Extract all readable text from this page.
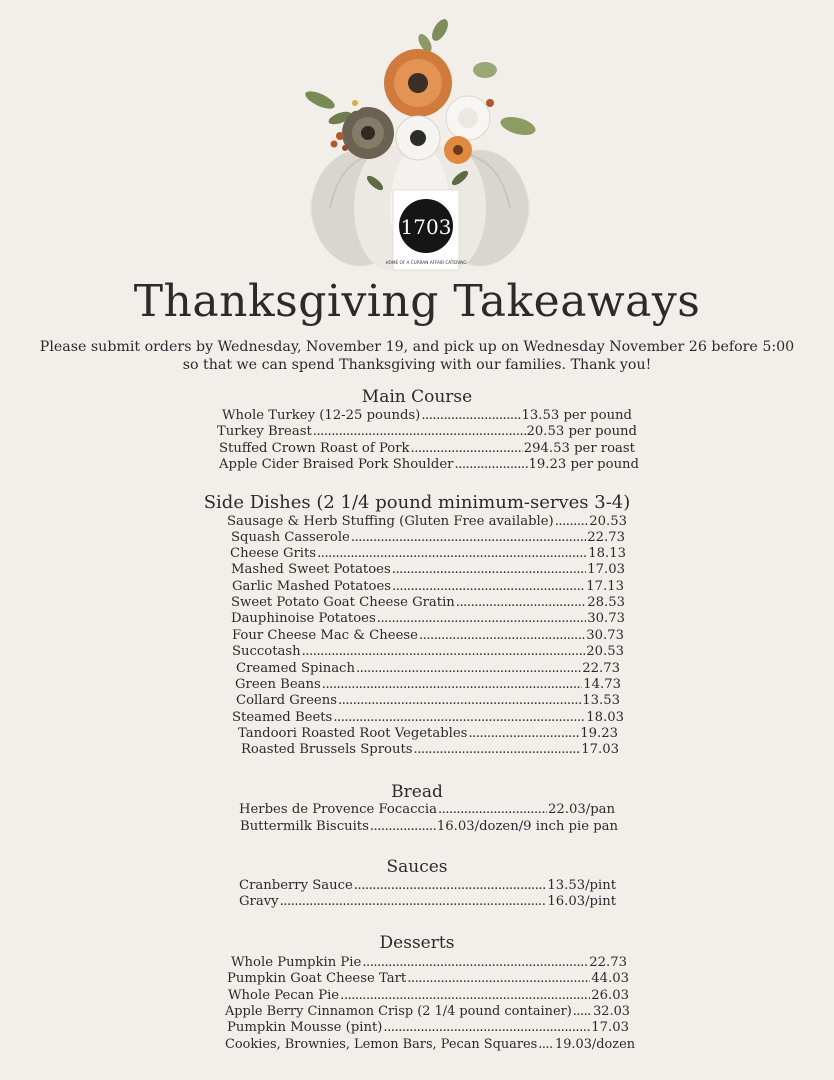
1703
HOME OF A CURRAN AFFAIR CATERING
Thanksgiving Takeaways
Please submit orders by Wednesday, November 19, and pick up on Wednesday November 26 before 5:00
so that we can spend Thanksgiving with our families. Thank you!
Main Course
Whole Turkey (12-25 pounds) .....	13.53 per pound
Turkey Breast .....	20.53 per pound
Stuffed Crown Roast of Pork .....	294.53 per roast
Apple Cider Braised Pork Shoulder .....	19.23 per pound
Side Dishes (2 1/4 pound minimum-serves 3-4)
Sausage & Herb Stuffing (Gluten Free available) .....	20.53
Squash Casserole .....	22.73
Cheese Grits .....	18.13
Mashed Sweet Potatoes .....	17.03
Garlic Mashed Potatoes .....	17.13
Sweet Potato Goat Cheese Gratin .....	28.53
Dauphinoise Potatoes .....	30.73
Four Cheese Mac & Cheese .....	30.73
Succotash .....	20.53
Creamed Spinach .....	22.73
Green Beans .....	14.73
Collard Greens .....	13.53
Steamed Beets .....	18.03
Tandoori Roasted Root Vegetables .....	19.23
Roasted Brussels Sprouts .....	17.03
Bread
Herbes de Provence Focaccia .....	22.03/pan
Buttermilk Biscuits .....	16.03/dozen/9 inch pie pan
Sauces
Cranberry Sauce .....	13.53/pint
Gravy .....	16.03/pint
Desserts
Whole Pumpkin Pie .....	22.73
Pumpkin Goat Cheese Tart .....	44.03
Whole Pecan Pie .....	26.03
Apple Berry Cinnamon Crisp (2 1/4 pound container) ..... 32.03
Pumpkin Mousse (pint) .....	17.03
Cookies, Brownies, Lemon Bars, Pecan Squares ..... 19.03/dozen
